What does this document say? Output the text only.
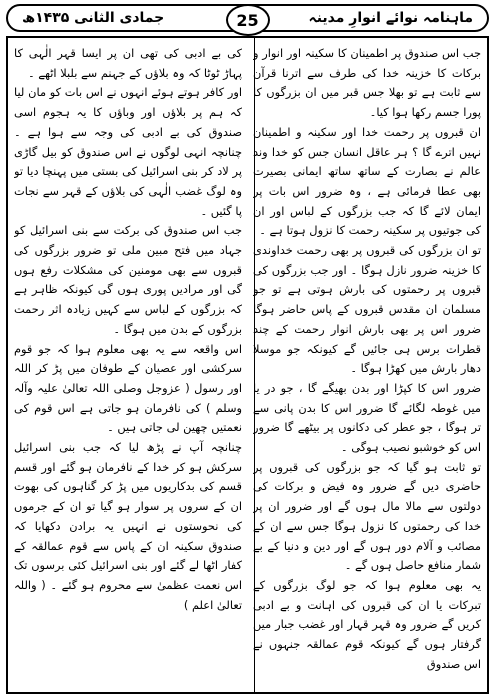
ماہنامہ نوائے انوارِ مدینہ
25
جمادی الثانی ۱۴۳۵ھ

جب اس صندوق پر اطمینان کا سکینہ اور انوار و برکات کا خزینہ خدا کی طرف سے اترنا قرآن سے ثابت ہے تو بھلا جس قبر میں ان بزرگوں کا پورا جسم رکھا ہوا کیا۔

ان قبروں پر رحمت خدا اور سکینہ و اطمینان نہیں اترے گا ؟ ہر عاقل انسان جس کو خدا وند عالم نے بصارت کے ساتھ ساتھ ایمانی بصیرت بھی عطا فرمائی ہے ، وہ ضرور اس بات پر ایمان لائے گا کہ جب بزرگوں کے لباس اور ان کی جوتیوں پر سکینہ رحمت کا نزول ہوتا ہے ۔

تو ان بزرگوں کی قبروں پر بھی رحمت خداوندی کا خزینہ ضرور نازل ہوگا ۔ اور جب بزرگوں کی قبروں پر رحمتوں کی بارش ہوتی ہے تو جو مسلمان ان مقدس قبروں کے پاس حاضر ہوگا ضرور اس پر بھی بارش انوار رحمت کے چند قطرات برس ہی جائیں گے کیونکہ جو موسلا دھار بارش میں کھڑا ہوگا ۔

ضرور اس کا کپڑا اور بدن بھیگے گا ، جو در یا میں غوطہ لگائے گا ضرور اس کا بدن پانی سے تر ہوگا ، جو عطر کی دکانوں پر بیٹھے گا ضرور اس کو خوشبو نصیب ہوگی ۔

تو ثابت ہو گیا کہ جو بزرگوں کی قبروں پر حاضری دیں گے ضرور وہ فیض و برکات کی دولتوں سے مالا مال ہوں گے اور ضرور ان پر خدا کی رحمتوں کا نزول ہوگا جس سے ان کے مصائب و آلام دور ہوں گے اور دین و دنیا کے بے شمار منافع حاصل ہوں گے ۔

یہ بھی معلوم ہوا کہ جو لوگ بزرگوں کے تبرکات یا ان کی قبروں کی اہانت و بے ادبی کریں گے ضرور وہ قہر قہار اور غضب جبار میں گرفتار ہوں گے کیونکہ قوم عمالقہ جنہوں نے اس صندوق

کی بے ادبی کی تھی ان پر ایسا قہر الٰہی کا پہاڑ ٹوٹا کہ وہ بلاؤں کے جہنم سے بلبلا اٹھے ۔

اور کافر ہوتے ہوئے انہوں نے اس بات کو مان لیا کہ ہم پر بلاؤں اور وباؤں کا یہ ہجوم اسی صندوق کی بے ادبی کی وجہ سے ہوا ہے ۔ چنانچہ انہی لوگوں نے اس صندوق کو بیل گاڑی پر لاد کر بنی اسرائیل کی بستی میں پہنچا دیا تو وہ لوگ غضب الٰہی کی بلاؤں کے قہر سے نجات پا گئیں ۔

جب اس صندوق کی برکت سے بنی اسرائیل کو جہاد میں فتح مبین ملی تو ضرور بزرگوں کی قبروں سے بھی مومنین کی مشکلات رفع ہوں گی اور مرادیں پوری ہوں گی کیونکہ ظاہر ہے کہ بزرگوں کے لباس سے کہیں زیادہ اثر رحمت بزرگوں کے بدن میں ہوگا ۔

اس واقعہ سے یہ بھی معلوم ہوا کہ جو قوم سرکشی اور عصیان کے طوفان میں پڑ کر اللہ اور رسول ( عزوجل وصلی اللہ تعالیٰ علیہ وآلہ وسلم ) کی نافرمان ہو جاتی ہے اس قوم کی نعمتیں چھین لی جاتی ہیں ۔

چنانچہ آپ نے پڑھ لیا کہ جب بنی اسرائیل سرکش ہو کر خدا کے نافرمان ہو گئے اور قسم قسم کی بدکاریوں میں پڑ کر گناہوں کی بھوت ان کے سروں پر سوار ہو گیا تو ان کے جرموں کی نحوستوں نے انہیں یہ برادن دکھایا کہ صندوق سکینہ ان کے پاس سے قوم عمالقہ کے کفار اٹھا لے گئے اور بنی اسرائیل کئی برسوں تک اس نعمت عظمیٰ سے محروم ہو گئے ۔ ( واللہ تعالیٰ اعلم )
